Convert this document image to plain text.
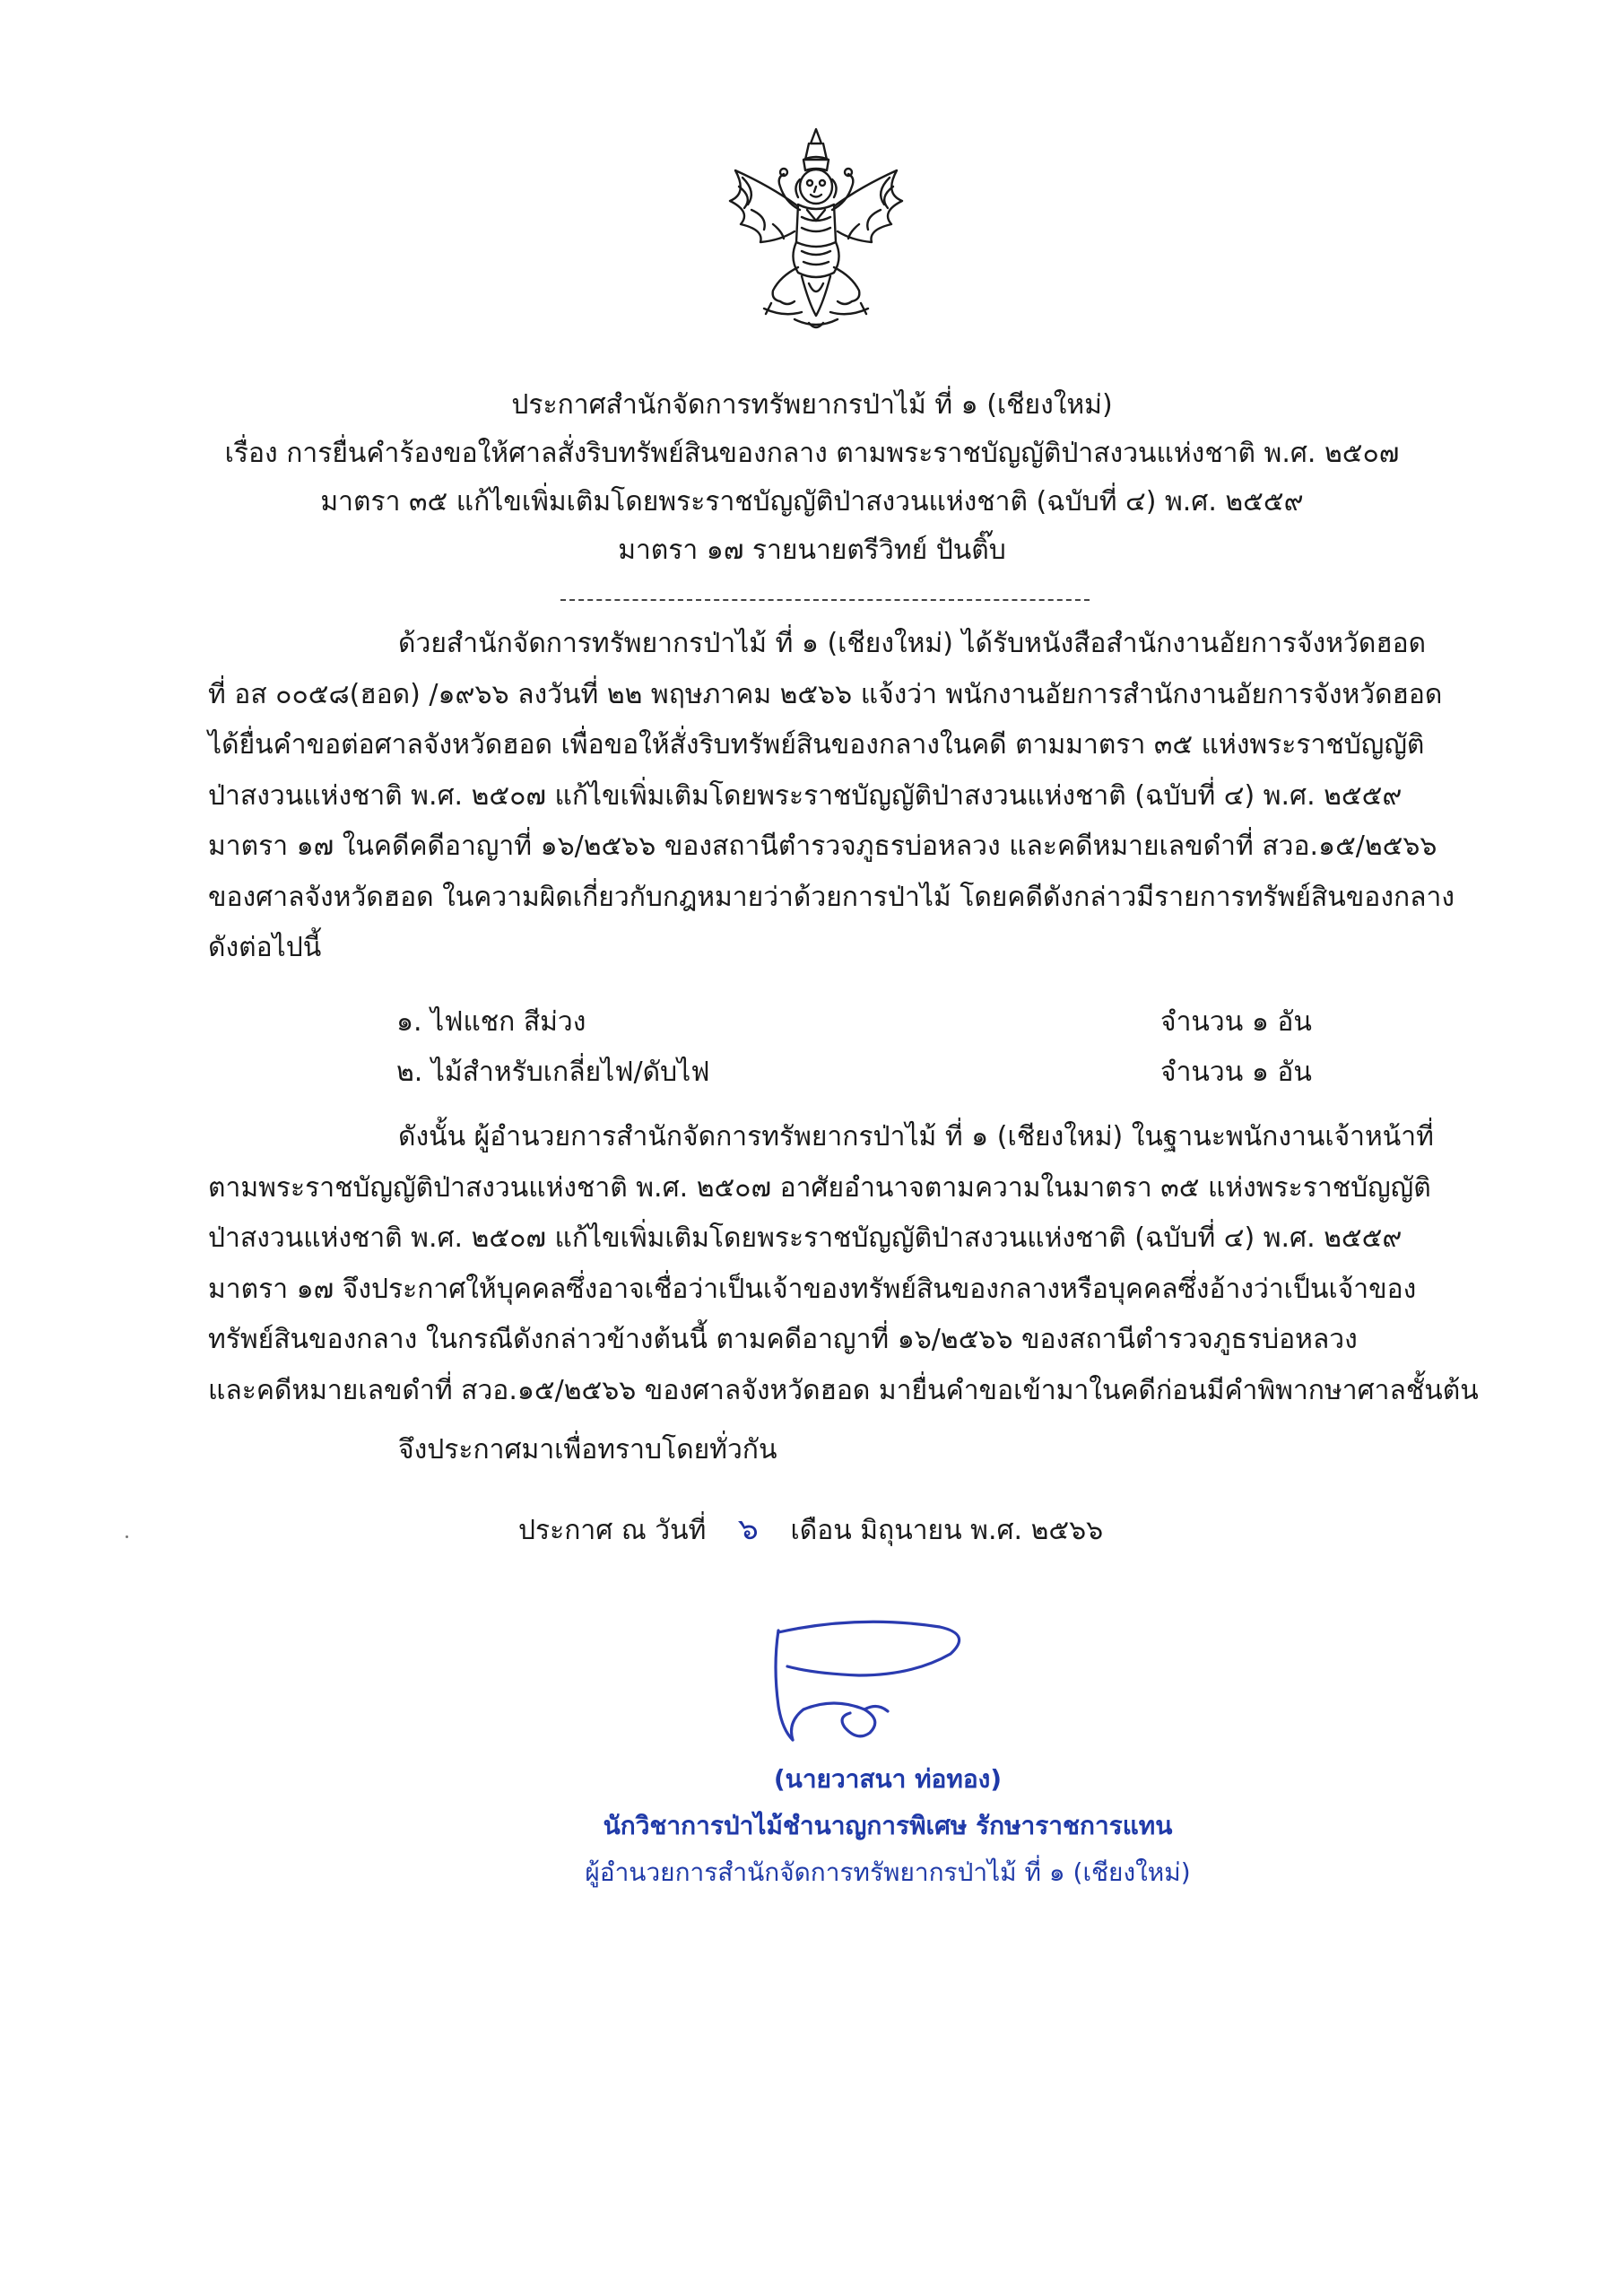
ประกาศสำนักจัดการทรัพยากรป่าไม้ ที่ ๑ (เชียงใหม่)
เรื่อง การยื่นคำร้องขอให้ศาลสั่งริบทรัพย์สินของกลาง ตามพระราชบัญญัติป่าสงวนแห่งชาติ พ.ศ. ๒๕๐๗
มาตรา ๓๕ แก้ไขเพิ่มเติมโดยพระราชบัญญัติป่าสงวนแห่งชาติ (ฉบับที่ ๔) พ.ศ. ๒๕๕๙
มาตรา ๑๗ รายนายตรีวิทย์ ปันติ๊บ
ด้วยสำนักจัดการทรัพยากรป่าไม้ ที่ ๑ (เชียงใหม่) ได้รับหนังสือสำนักงานอัยการจังหวัดฮอด
ที่ อส ๐๐๕๘(ฮอด) /๑๙๖๖ ลงวันที่ ๒๒ พฤษภาคม ๒๕๖๖ แจ้งว่า พนักงานอัยการสำนักงานอัยการจังหวัดฮอด
ได้ยื่นคำขอต่อศาลจังหวัดฮอด เพื่อขอให้สั่งริบทรัพย์สินของกลางในคดี ตามมาตรา ๓๕ แห่งพระราชบัญญัติ
ป่าสงวนแห่งชาติ พ.ศ. ๒๕๐๗ แก้ไขเพิ่มเติมโดยพระราชบัญญัติป่าสงวนแห่งชาติ (ฉบับที่ ๔) พ.ศ. ๒๕๕๙
มาตรา ๑๗ ในคดีคดีอาญาที่ ๑๖/๒๕๖๖ ของสถานีตำรวจภูธรบ่อหลวง และคดีหมายเลขดำที่ สวอ.๑๕/๒๕๖๖
ของศาลจังหวัดฮอด ในความผิดเกี่ยวกับกฎหมายว่าด้วยการป่าไม้ โดยคดีดังกล่าวมีรายการทรัพย์สินของกลาง
ดังต่อไปนี้
๑. ไฟแชก สีม่วง	จำนวน ๑ อัน
๒. ไม้สำหรับเกลี่ยไฟ/ดับไฟ	จำนวน ๑ อัน
ดังนั้น ผู้อำนวยการสำนักจัดการทรัพยากรป่าไม้ ที่ ๑ (เชียงใหม่) ในฐานะพนักงานเจ้าหน้าที่
ตามพระราชบัญญัติป่าสงวนแห่งชาติ พ.ศ. ๒๕๐๗ อาศัยอำนาจตามความในมาตรา ๓๕ แห่งพระราชบัญญัติ
ป่าสงวนแห่งชาติ พ.ศ. ๒๕๐๗ แก้ไขเพิ่มเติมโดยพระราชบัญญัติป่าสงวนแห่งชาติ (ฉบับที่ ๔) พ.ศ. ๒๕๕๙
มาตรา ๑๗ จึงประกาศให้บุคคลซึ่งอาจเชื่อว่าเป็นเจ้าของทรัพย์สินของกลางหรือบุคคลซึ่งอ้างว่าเป็นเจ้าของ
ทรัพย์สินของกลาง ในกรณีดังกล่าวข้างต้นนี้ ตามคดีอาญาที่ ๑๖/๒๕๖๖ ของสถานีตำรวจภูธรบ่อหลวง
และคดีหมายเลขดำที่ สวอ.๑๕/๒๕๖๖ ของศาลจังหวัดฮอด มายื่นคำขอเข้ามาในคดีก่อนมีคำพิพากษาศาลชั้นต้น
จึงประกาศมาเพื่อทราบโดยทั่วกัน
ประกาศ ณ วันที่ ๖ เดือน มิถุนายน พ.ศ. ๒๕๖๖
(นายวาสนา ท่อทอง)
นักวิชาการป่าไม้ชำนาญการพิเศษ รักษาราชการแทน
ผู้อำนวยการสำนักจัดการทรัพยากรป่าไม้ ที่ ๑ (เชียงใหม่)
